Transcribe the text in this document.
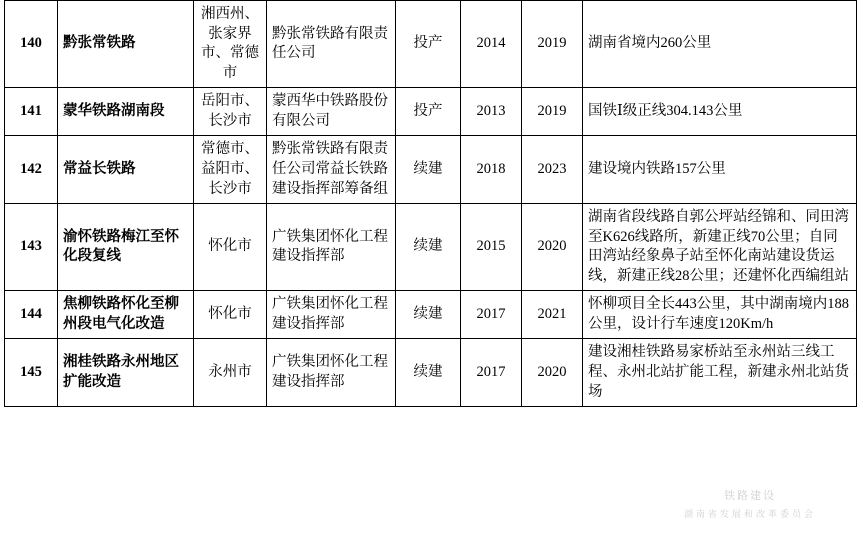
140	黔张常铁路	湘西州、张家界市、常德市	黔张常铁路有限责任公司	投产	2014	2019	湖南省境内260公里
141	蒙华铁路湖南段	岳阳市、长沙市	蒙西华中铁路股份有限公司	投产	2013	2019	国铁Ⅰ级正线304.143公里
142	常益长铁路	常德市、益阳市、长沙市	黔张常铁路有限责任公司常益长铁路建设指挥部筹备组	续建	2018	2023	建设境内铁路157公里
143	渝怀铁路梅江至怀化段复线	怀化市	广铁集团怀化工程建设指挥部	续建	2015	2020	湖南省段线路自郭公坪站经锦和、同田湾至K626线路所，新建正线70公里；自同田湾站经象鼻子站至怀化南站建设货运线，新建正线28公里；还建怀化西编组站
144	焦柳铁路怀化至柳州段电气化改造	怀化市	广铁集团怀化工程建设指挥部	续建	2017	2021	怀柳项目全长443公里，其中湖南境内188公里，设计行车速度120Km/h
145	湘桂铁路永州地区扩能改造	永州市	广铁集团怀化工程建设指挥部	续建	2017	2020	建设湘桂铁路易家桥站至永州站三线工程、永州北站扩能工程，新建永州北站货场
铁路建设
湖南省发展和改革委员会
